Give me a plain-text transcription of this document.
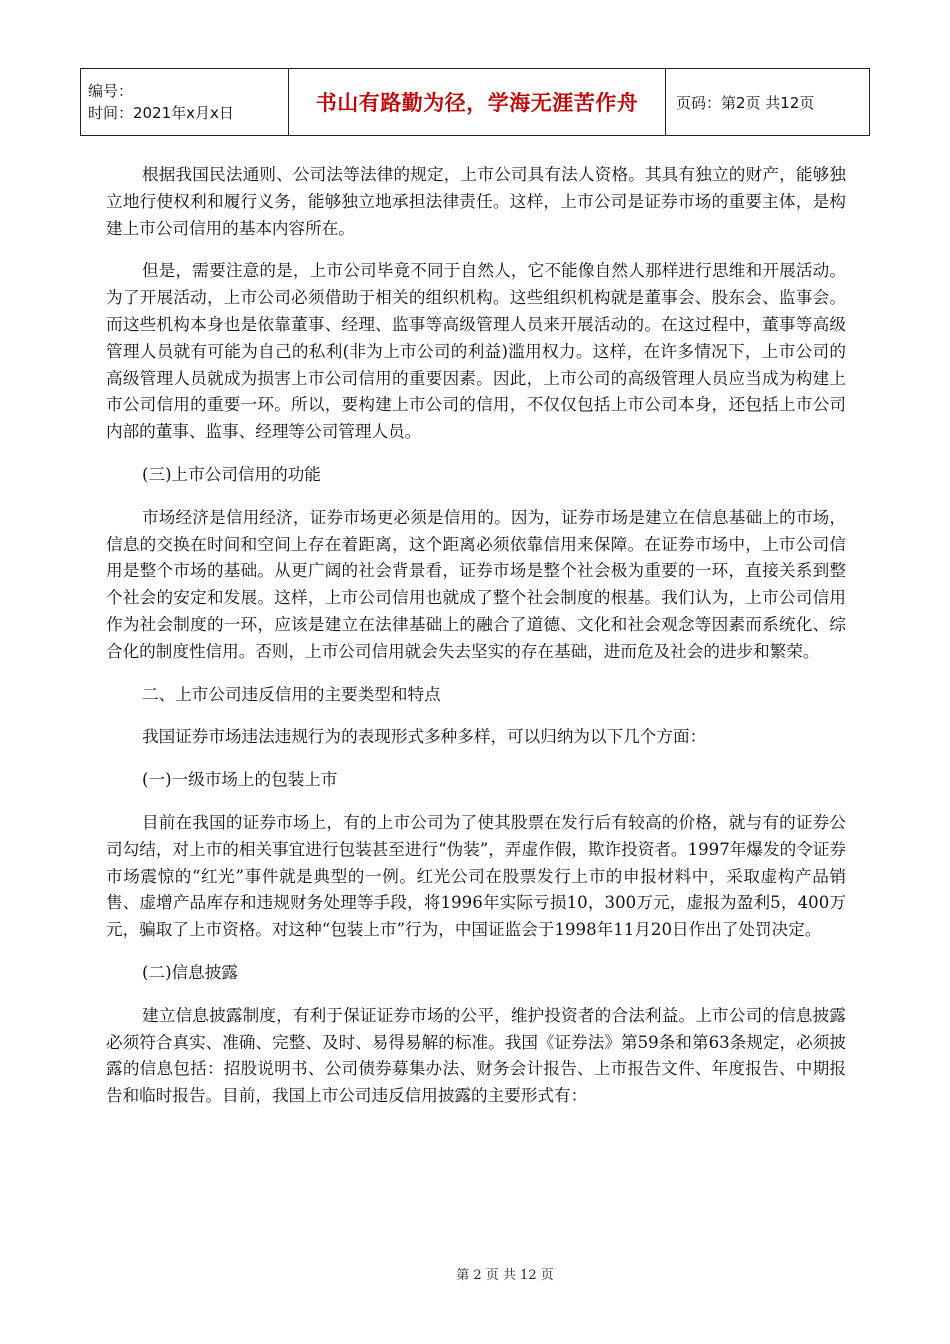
编号：
时间：2021年x月x日	书山有路勤为径，学海无涯苦作舟	页码：第2页 共12页

根据我国民法通则、公司法等法律的规定，上市公司具有法人资格。其具有独立的财产，能够独立地行使权利和履行义务，能够独立地承担法律责任。这样，上市公司是证券市场的重要主体，是构建上市公司信用的基本内容所在。

但是，需要注意的是，上市公司毕竟不同于自然人，它不能像自然人那样进行思维和开展活动。为了开展活动，上市公司必须借助于相关的组织机构。这些组织机构就是董事会、股东会、监事会。而这些机构本身也是依靠董事、经理、监事等高级管理人员来开展活动的。在这过程中，董事等高级管理人员就有可能为自己的私利(非为上市公司的利益)滥用权力。这样，在许多情况下，上市公司的高级管理人员就成为损害上市公司信用的重要因素。因此，上市公司的高级管理人员应当成为构建上市公司信用的重要一环。所以，要构建上市公司的信用，不仅仅包括上市公司本身，还包括上市公司内部的董事、监事、经理等公司管理人员。

(三)上市公司信用的功能

市场经济是信用经济，证券市场更必须是信用的。因为，证券市场是建立在信息基础上的市场，信息的交换在时间和空间上存在着距离，这个距离必须依靠信用来保障。在证券市场中，上市公司信用是整个市场的基础。从更广阔的社会背景看，证券市场是整个社会极为重要的一环，直接关系到整个社会的安定和发展。这样，上市公司信用也就成了整个社会制度的根基。我们认为，上市公司信用作为社会制度的一环，应该是建立在法律基础上的融合了道德、文化和社会观念等因素而系统化、综合化的制度性信用。否则，上市公司信用就会失去坚实的存在基础，进而危及社会的进步和繁荣。

二、上市公司违反信用的主要类型和特点

我国证券市场违法违规行为的表现形式多种多样，可以归纳为以下几个方面：

(一)一级市场上的包装上市

目前在我国的证券市场上，有的上市公司为了使其股票在发行后有较高的价格，就与有的证券公司勾结，对上市的相关事宜进行包装甚至进行“伪装”，弄虚作假，欺诈投资者。1997年爆发的令证券市场震惊的“红光”事件就是典型的一例。红光公司在股票发行上市的申报材料中，采取虚构产品销售、虚增产品库存和违规财务处理等手段，将1996年实际亏损10，300万元，虚报为盈利5，400万元，骗取了上市资格。对这种“包装上市”行为，中国证监会于1998年11月20日作出了处罚决定。

(二)信息披露

建立信息披露制度，有利于保证证券市场的公平，维护投资者的合法利益。上市公司的信息披露必须符合真实、准确、完整、及时、易得易解的标准。我国《证券法》第59条和第63条规定，必须披露的信息包括：招股说明书、公司债券募集办法、财务会计报告、上市报告文件、年度报告、中期报告和临时报告。目前，我国上市公司违反信用披露的主要形式有：

第 2 页 共 12 页
